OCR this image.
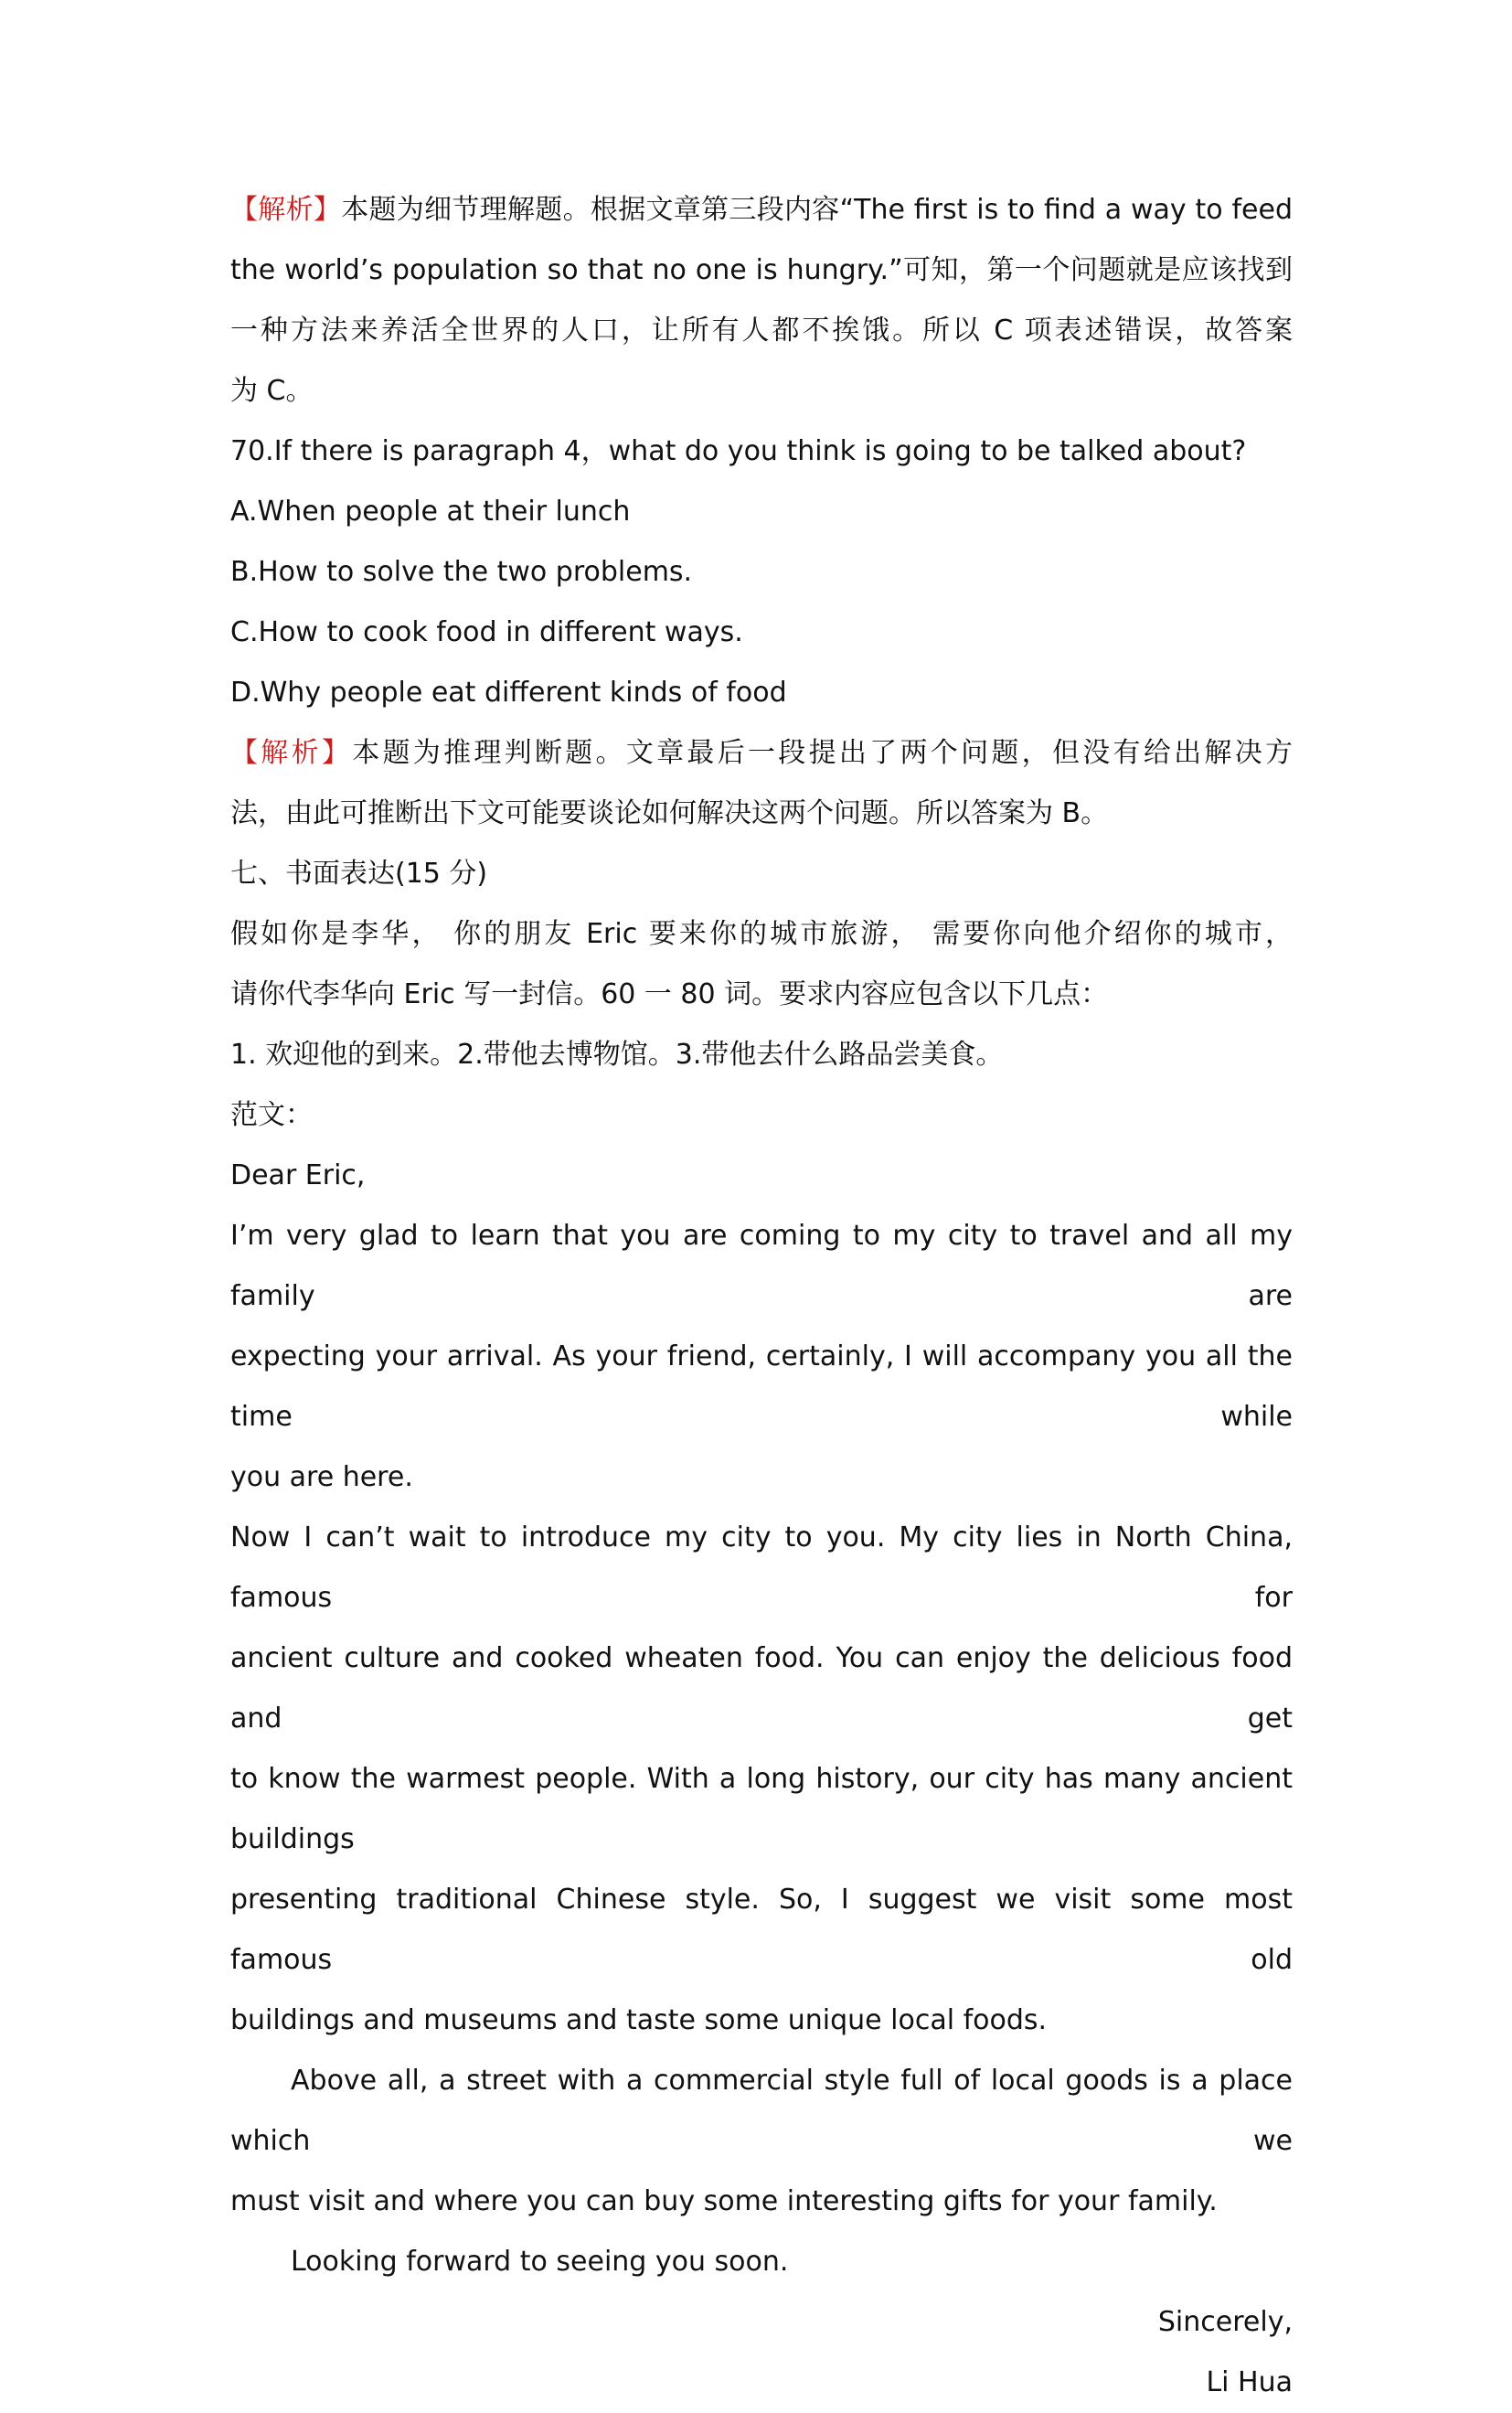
【解析】本题为细节理解题。根据文章第三段内容“The first is to find a way to feed

the world’s population so that no one is hungry.”可知，第一个问题就是应该找到

一种方法来养活全世界的人口，让所有人都不挨饿。所以 C 项表述错误，故答案

为 C。

70.If there is paragraph 4，what do you think is going to be talked about?

A.When people at their lunch

B.How to solve the two problems.

C.How to cook food in different ways.

D.Why people eat different kinds of food

【解析】本题为推理判断题。文章最后一段提出了两个问题，但没有给出解决方

法，由此可推断出下文可能要谈论如何解决这两个问题。所以答案为 B。

七、书面表达(15 分)

假如你是李华， 你的朋友 Eric 要来你的城市旅游， 需要你向他介绍你的城市，

请你代李华向 Eric 写一封信。60 一 80 词。要求内容应包含以下几点：

1. 欢迎他的到来。2.带他去博物馆。3.带他去什么路品尝美食。

范文：

Dear Eric,

I’m very glad to learn that you are coming to my city to travel and all my family are

expecting your arrival. As your friend, certainly, I will accompany you all the time while

you are here.

Now I can’t wait to introduce my city to you. My city lies in North China, famous for

ancient culture and cooked wheaten food. You can enjoy the delicious food and get

to know the warmest people. With a long history, our city has many ancient buildings

presenting traditional Chinese style. So, I suggest we visit some most famous old

buildings and museums and taste some unique local foods.

Above all, a street with a commercial style full of local goods is a place which we

must visit and where you can buy some interesting gifts for your family.

Looking forward to seeing you soon.

Sincerely,

Li Hua
